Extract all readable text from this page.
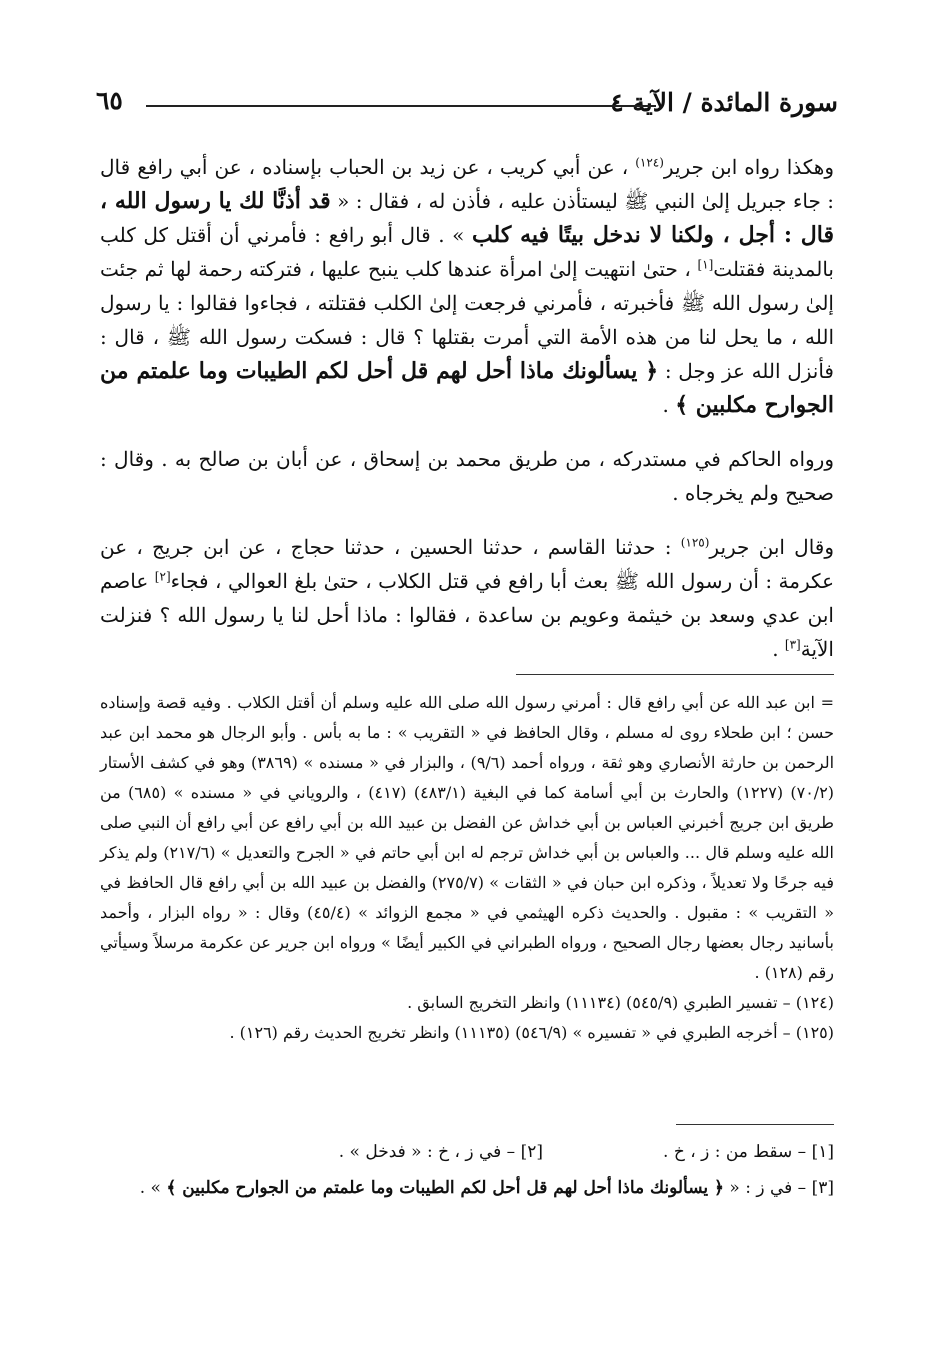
سورة المائدة / الآية ٤
٦٥

وهكذا رواه ابن جرير$^{(١٢٤)}$ ، عن أبي كريب ، عن زيد بن الحباب بإسناده ، عن أبي رافع قال : جاء جبريل إلىٰ النبي ﷺ ليستأذن عليه ، فأذن له ، فقال : « قد أذنَّا لك يا رسول الله ، قال : أجل ، ولكنا لا ندخل بيتًا فيه كلب » . قال أبو رافع : فأمرني أن أقتل كل كلب بالمدينة فقتلت[١] ، حتىٰ انتهيت إلىٰ امرأة عندها كلب ينبح عليها ، فتركته رحمة لها ثم جئت إلىٰ رسول الله ﷺ فأخبرته ، فأمرني فرجعت إلىٰ الكلب فقتلته ، فجاءوا فقالوا : يا رسول الله ، ما يحل لنا من هذه الأمة التي أمرت بقتلها ؟ قال : فسكت رسول الله ﷺ ، قال : فأنزل الله عز وجل : ﴿ يسألونك ماذا أحل لهم قل أحل لكم الطيبات وما علمتم من الجوارح مكلبين ﴾ .

ورواه الحاكم في مستدركه ، من طريق محمد بن إسحاق ، عن أبان بن صالح به . وقال : صحيح ولم يخرجاه .

وقال ابن جرير$^{(١٢٥)}$ : حدثنا القاسم ، حدثنا الحسين ، حدثنا حجاج ، عن ابن جريج ، عن عكرمة : أن رسول الله ﷺ بعث أبا رافع في قتل الكلاب ، حتىٰ بلغ العوالي ، فجاء[٢] عاصم ابن عدي وسعد بن خيثمة وعويم بن ساعدة ، فقالوا : ماذا أحل لنا يا رسول الله ؟ فنزلت الآية[٣] .

= ابن عبد الله عن أبي رافع قال : أمرني رسول الله صلى الله عليه وسلم أن أقتل الكلاب . وفيه قصة وإسناده حسن ؛ ابن طحلاء روى له مسلم ، وقال الحافظ في « التقريب » : ما به بأس . وأبو الرجال هو محمد ابن عبد الرحمن بن حارثة الأنصاري وهو ثقة ، ورواه أحمد (٩/٦) ، والبزار في « مسنده » (٣٨٦٩) وهو في كشف الأستار (٧٠/٢) (١٢٢٧) والحارث بن أبي أسامة كما في البغية (٤٨٣/١) (٤١٧) ، والروياني في « مسنده » (٦٨٥) من طريق ابن جريج أخبرني العباس بن أبي خداش عن الفضل بن عبيد الله بن أبي رافع عن أبي رافع أن النبي صلى الله عليه وسلم قال ... والعباس بن أبي خداش ترجم له ابن أبي حاتم في « الجرح والتعديل » (٢١٧/٦) ولم يذكر فيه جرحًا ولا تعديلاً ، وذكره ابن حبان في « الثقات » (٢٧٥/٧) والفضل بن عبيد الله بن أبي رافع قال الحافظ في « التقريب » : مقبول . والحديث ذكره الهيثمي في « مجمع الزوائد » (٤٥/٤) وقال : « رواه البزار ، وأحمد بأسانيد رجال بعضها رجال الصحيح ، ورواه الطبراني في الكبير أيضًا » ورواه ابن جرير عن عكرمة مرسلاً وسيأتي رقم (١٢٨) .

(١٢٤) – تفسير الطبري (٥٤٥/٩) (١١١٣٤) وانظر التخريج السابق .

(١٢٥) – أخرجه الطبري في « تفسيره » (٥٤٦/٩) (١١١٣٥) وانظر تخريج الحديث رقم (١٢٦) .

[١] – سقط من : ز ، خ .[٢] – في ز ، خ : « فدخل » .
[٣] – في ز : « ﴿ يسألونك ماذا أحل لهم قل أحل لكم الطيبات وما علمتم من الجوارح مكلبين ﴾ » .
